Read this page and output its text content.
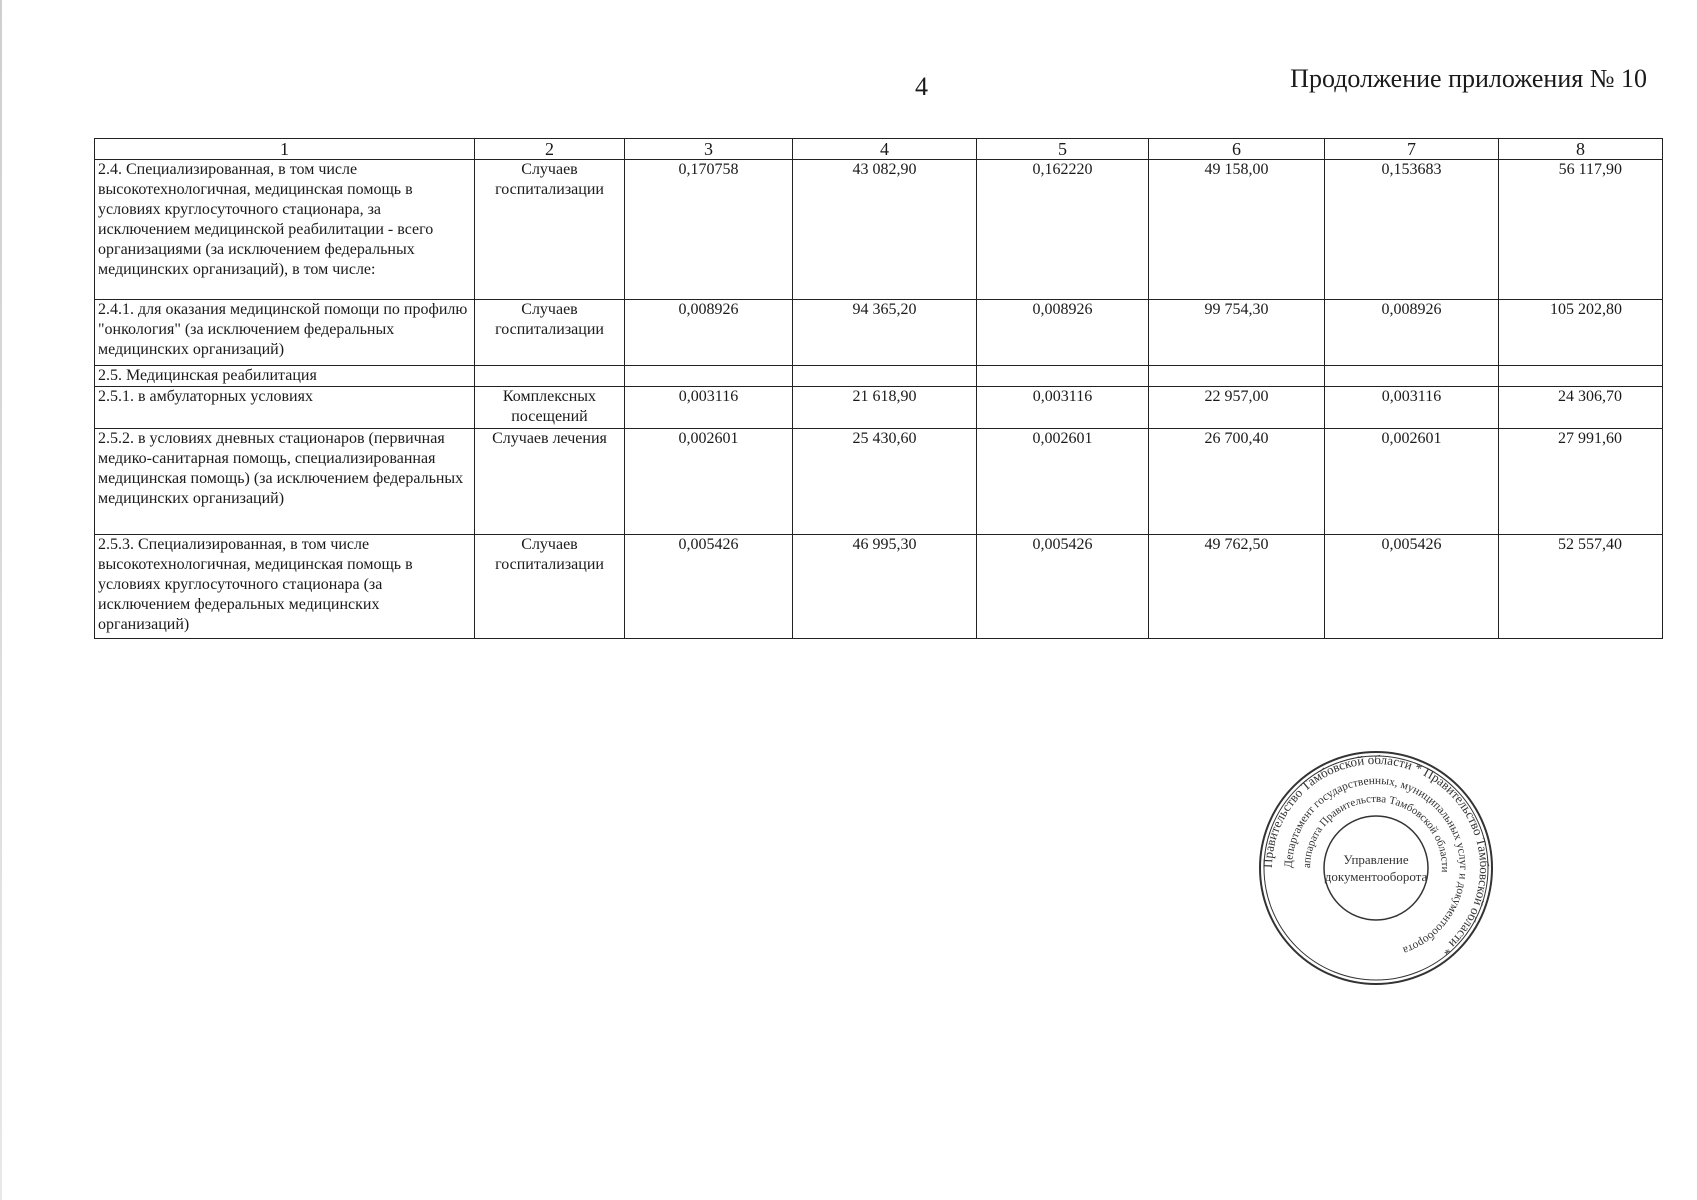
4	Продолжение приложения № 10
1	2	3	4	5	6	7	8
2.4. Специализированная, в том числе высокотехнологичная, медицинская помощь в условиях круглосуточного стационара, за исключением медицинской реабилитации - всего организациями (за исключением федеральных медицинских организаций), в том числе:	Случаев госпитализации	0,170758	43 082,90	0,162220	49 158,00	0,153683	56 117,90
2.4.1. для оказания медицинской помощи по профилю "онкология" (за исключением федеральных медицинских организаций)	Случаев госпитализации	0,008926	94 365,20	0,008926	99 754,30	0,008926	105 202,80
2.5. Медицинская реабилитация							
2.5.1. в амбулаторных условиях	Комплексных посещений	0,003116	21 618,90	0,003116	22 957,00	0,003116	24 306,70
2.5.2. в условиях дневных стационаров (первичная медико-санитарная помощь, специализированная медицинская помощь) (за исключением федеральных медицинских организаций)	Случаев лечения	0,002601	25 430,60	0,002601	26 700,40	0,002601	27 991,60
2.5.3. Специализированная, в том числе высокотехнологичная, медицинская помощь в условиях круглосуточного стационара (за исключением федеральных медицинских организаций)	Случаев госпитализации	0,005426	46 995,30	0,005426	49 762,50	0,005426	52 557,40
Правительство Тамбовской области * Правительство Тамбовской области *
Департамент государственных, муниципальных услуг и документооборота
аппарата Правительства Тамбовской области
Управление
документооборота
